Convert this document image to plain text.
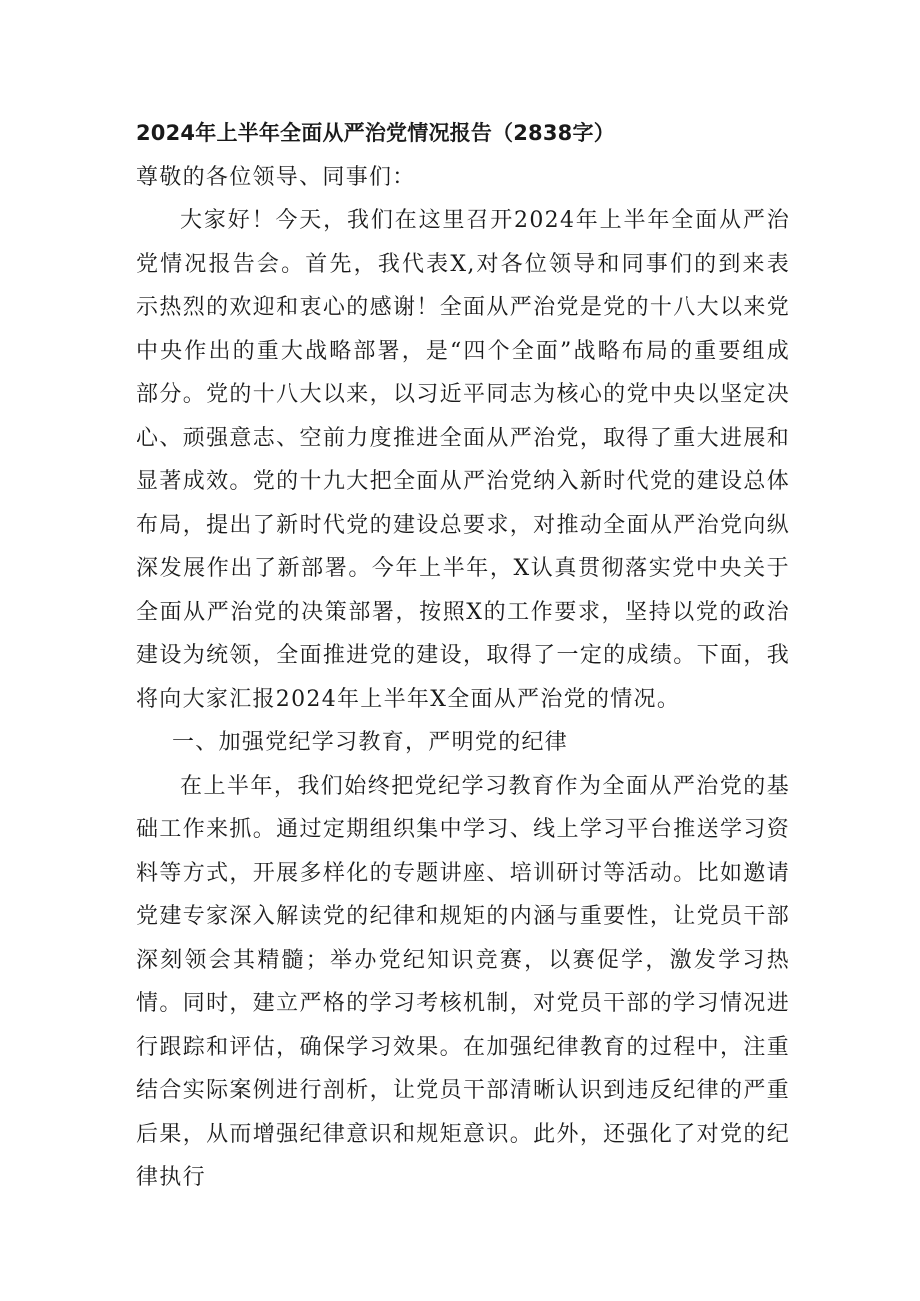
2024年上半年全面从严治党情况报告（2838字）

尊敬的各位领导、同事们：

大家好！今天，我们在这里召开2024年上半年全面从严治党情况报告会。首先，我代表X,对各位领导和同事们的到来表示热烈的欢迎和衷心的感谢！全面从严治党是党的十八大以来党中央作出的重大战略部署，是“四个全面”战略布局的重要组成部分。党的十八大以来，以习近平同志为核心的党中央以坚定决心、顽强意志、空前力度推进全面从严治党，取得了重大进展和显著成效。党的十九大把全面从严治党纳入新时代党的建设总体布局，提出了新时代党的建设总要求，对推动全面从严治党向纵深发展作出了新部署。今年上半年，X认真贯彻落实党中央关于全面从严治党的决策部署，按照X的工作要求，坚持以党的政治建设为统领，全面推进党的建设，取得了一定的成绩。下面，我将向大家汇报2024年上半年X全面从严治党的情况。

一、加强党纪学习教育，严明党的纪律

在上半年，我们始终把党纪学习教育作为全面从严治党的基础工作来抓。通过定期组织集中学习、线上学习平台推送学习资料等方式，开展多样化的专题讲座、培训研讨等活动。比如邀请党建专家深入解读党的纪律和规矩的内涵与重要性，让党员干部深刻领会其精髓；举办党纪知识竞赛，以赛促学，激发学习热情。同时，建立严格的学习考核机制，对党员干部的学习情况进行跟踪和评估，确保学习效果。在加强纪律教育的过程中，注重结合实际案例进行剖析，让党员干部清晰认识到违反纪律的严重后果，从而增强纪律意识和规矩意识。此外，还强化了对党的纪律执行
